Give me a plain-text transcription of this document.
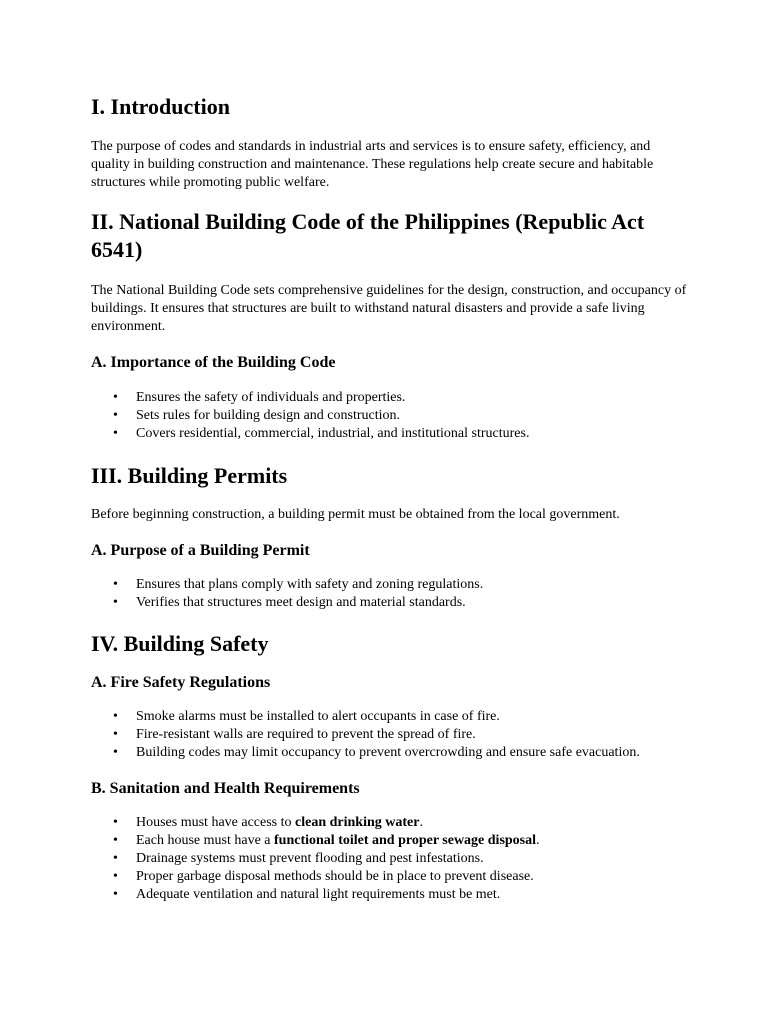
I. Introduction

The purpose of codes and standards in industrial arts and services is to ensure safety, efficiency, and quality in building construction and maintenance. These regulations help create secure and habitable structures while promoting public welfare.

II. National Building Code of the Philippines (Republic Act 6541)

The National Building Code sets comprehensive guidelines for the design, construction, and occupancy of buildings. It ensures that structures are built to withstand natural disasters and provide a safe living environment.

A. Importance of the Building Code
• Ensures the safety of individuals and properties.
• Sets rules for building design and construction.
• Covers residential, commercial, industrial, and institutional structures.
III. Building Permits

Before beginning construction, a building permit must be obtained from the local government.

A. Purpose of a Building Permit
• Ensures that plans comply with safety and zoning regulations.
• Verifies that structures meet design and material standards.
IV. Building Safety
A. Fire Safety Regulations
• Smoke alarms must be installed to alert occupants in case of fire.
• Fire-resistant walls are required to prevent the spread of fire.
• Building codes may limit occupancy to prevent overcrowding and ensure safe evacuation.
B. Sanitation and Health Requirements
• Houses must have access to clean drinking water.
• Each house must have a functional toilet and proper sewage disposal.
• Drainage systems must prevent flooding and pest infestations.
• Proper garbage disposal methods should be in place to prevent disease.
• Adequate ventilation and natural light requirements must be met.
